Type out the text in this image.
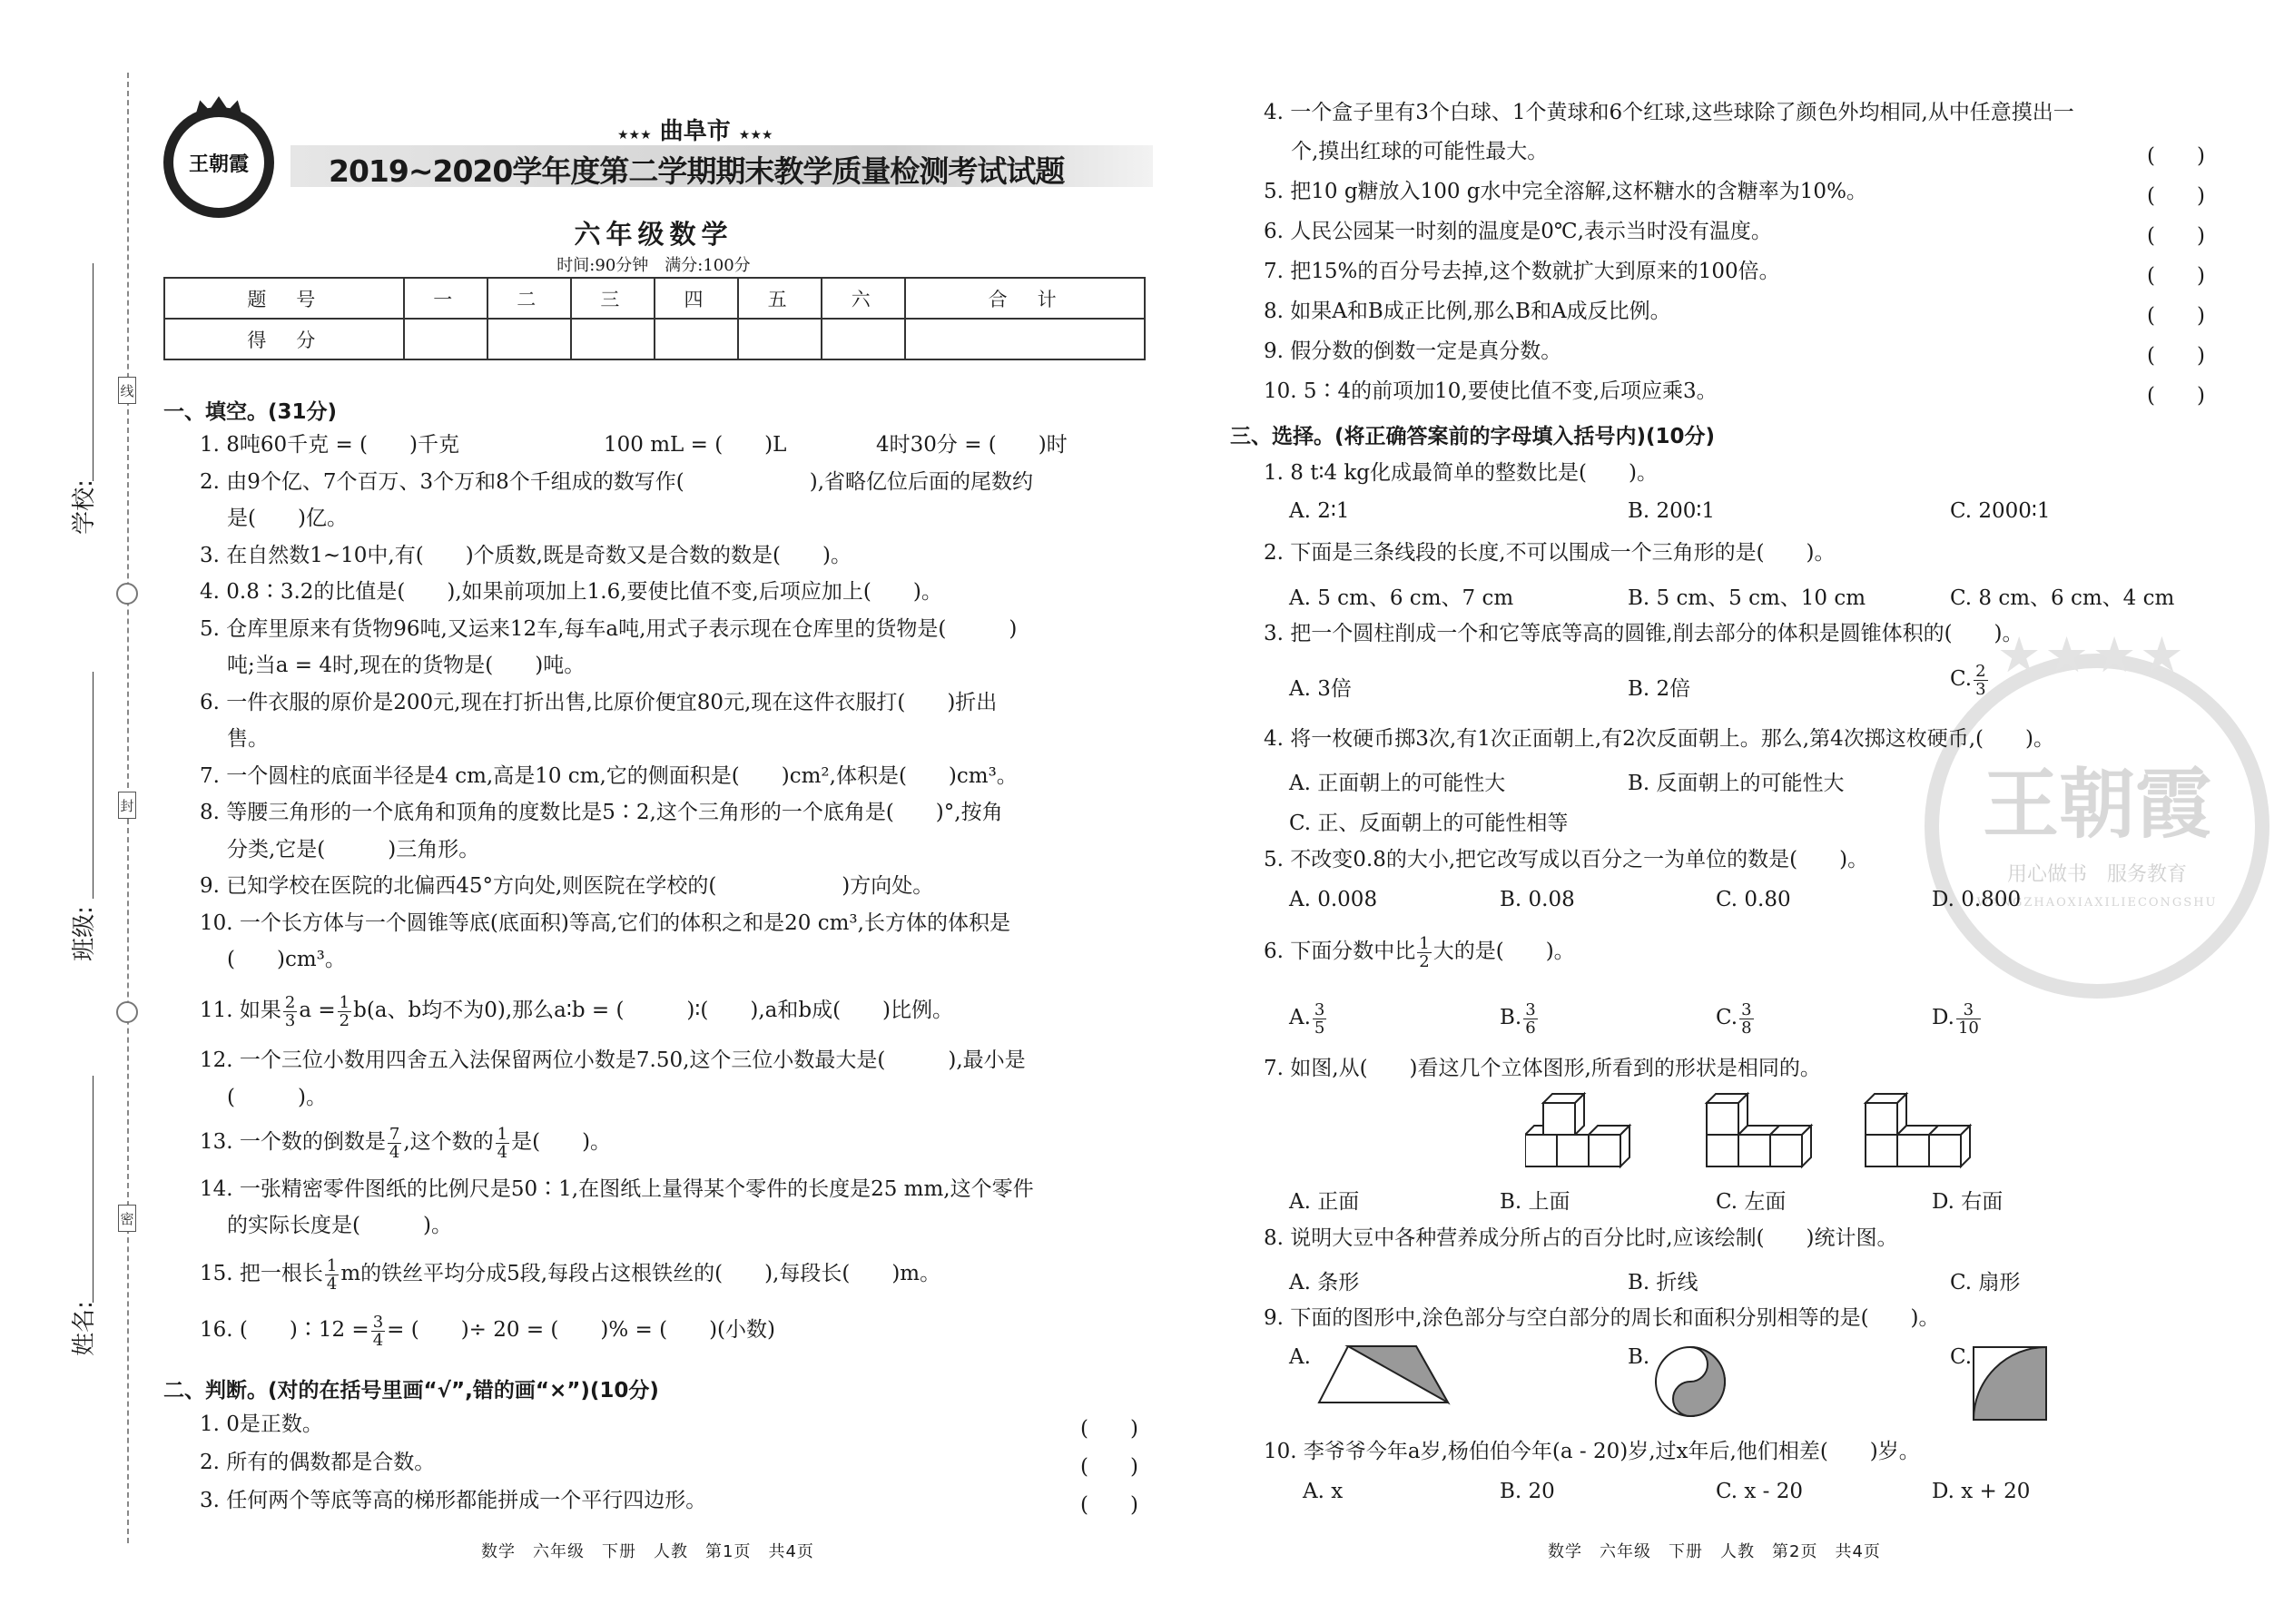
线
封
密
学校:
班级:
姓名:
王朝霞
★★★ 曲阜市 ★★★
2019~2020学年度第二学期期末教学质量检测考试试题
六年级数学
时间:90分钟　满分:100分
题　号	一	二	三	四	五	六	合　计
得　分							
一、填空。(31分)
1. 8吨60千克 = (　　)千克	100 mL = (　　)L	4时30分 = (　　)时
2. 由9个亿、7个百万、3个万和8个千组成的数写作(　　　　　　),省略亿位后面的尾数约
是(　　)亿。
3. 在自然数1~10中,有(　　)个质数,既是奇数又是合数的数是(　　)。
4. 0.8∶3.2的比值是(　　),如果前项加上1.6,要使比值不变,后项应加上(　　)。
5. 仓库里原来有货物96吨,又运来12车,每车a吨,用式子表示现在仓库里的货物是(　　　)
吨;当a = 4时,现在的货物是(　　)吨。
6. 一件衣服的原价是200元,现在打折出售,比原价便宜80元,现在这件衣服打(　　)折出
售。
7. 一个圆柱的底面半径是4 cm,高是10 cm,它的侧面积是(　　)cm²,体积是(　　)cm³。
8. 等腰三角形的一个底角和顶角的度数比是5∶2,这个三角形的一个底角是(　　)°,按角
分类,它是(　　　)三角形。
9. 已知学校在医院的北偏西45°方向处,则医院在学校的(　　　　　　)方向处。
10. 一个长方体与一个圆锥等底(底面积)等高,它们的体积之和是20 cm³,长方体的体积是
(　　)cm³。
11. 如果 $\frac{2}{3}$ $a = \frac{1}{2} b(a$、b均不为0),那么a∶b = (　　　)∶(　　),a和b成(　　)比例。
12. 一个三位小数用四舍五入法保留两位小数是7.50,这个三位小数最大是(　　　),最小是
(　　　)。
13. 一个数的倒数是 $\frac{7}{4}$ ,这个数的 $\frac{1}{4}$ 是(　　)。
14. 一张精密零件图纸的比例尺是50∶1,在图纸上量得某个零件的长度是25 mm,这个零件
的实际长度是(　　　)。
15. 把一根长 $\frac{1}{4}$ m的铁丝平均分成5段,每段占这根铁丝的(　　),每段长(　　)m。
16. (　　)∶12 = $\frac{3}{4}$ = (　　)÷ 20 = (　　)% = (　　)(小数)
二、判断。(对的在括号里画“√”,错的画“×”)(10分)
1. 0是正数。	(　　)
2. 所有的偶数都是合数。	(　　)
3. 任何两个等底等高的梯形都能拼成一个平行四边形。	(　　)
数学　六年级　下册　人教　第1页　共4页
王朝霞
用心做书　服务教育
WANGZHAOXIAXILIECONGSHU
★★★★
4. 一个盒子里有3个白球、1个黄球和6个红球,这些球除了颜色外均相同,从中任意摸出一
个,摸出红球的可能性最大。	(　　)
5. 把10 g糖放入100 g水中完全溶解,这杯糖水的含糖率为10%。	(　　)
6. 人民公园某一时刻的温度是0℃,表示当时没有温度。	(　　)
7. 把15%的百分号去掉,这个数就扩大到原来的100倍。	(　　)
8. 如果A和B成正比例,那么B和A成反比例。	(　　)
9. 假分数的倒数一定是真分数。	(　　)
10. 5∶4的前项加10,要使比值不变,后项应乘3。	(　　)
三、选择。(将正确答案前的字母填入括号内)(10分)
1. 8 t∶4 kg化成最简单的整数比是(　　)。
A. 2∶1	B. 200∶1	C. 2000∶1
2. 下面是三条线段的长度,不可以围成一个三角形的是(　　)。
A. 5 cm、6 cm、7 cm	B. 5 cm、5 cm、10 cm	C. 8 cm、6 cm、4 cm
3. 把一个圆柱削成一个和它等底等高的圆锥,削去部分的体积是圆锥体积的(　　)。
A. 3倍	B. 2倍	C. $\frac{2}{3}$
4. 将一枚硬币掷3次,有1次正面朝上,有2次反面朝上。那么,第4次掷这枚硬币,(　　)。
A. 正面朝上的可能性大	B. 反面朝上的可能性大
C. 正、反面朝上的可能性相等
5. 不改变0.8的大小,把它改写成以百分之一为单位的数是(　　)。
A. 0.008	B. 0.08	C. 0.80	D. 0.800
6. 下面分数中比 $\frac{1}{2}$ 大的是(　　)。
A. $\frac{3}{5}$	B. $\frac{3}{6}$	C. $\frac{3}{8}$	D. $\frac{3}{10}$
7. 如图,从(　　)看这几个立体图形,所看到的形状是相同的。
A. 正面	B. 上面	C. 左面	D. 右面
8. 说明大豆中各种营养成分所占的百分比时,应该绘制(　　)统计图。
A. 条形	B. 折线	C. 扇形
9. 下面的图形中,涂色部分与空白部分的周长和面积分别相等的是(　　)。
A.	B.	C.
10. 李爷爷今年a岁,杨伯伯今年(a - 20)岁,过x年后,他们相差(　　)岁。
A. x	B. 20	C. x - 20	D. x + 20
数学　六年级　下册　人教　第2页　共4页
